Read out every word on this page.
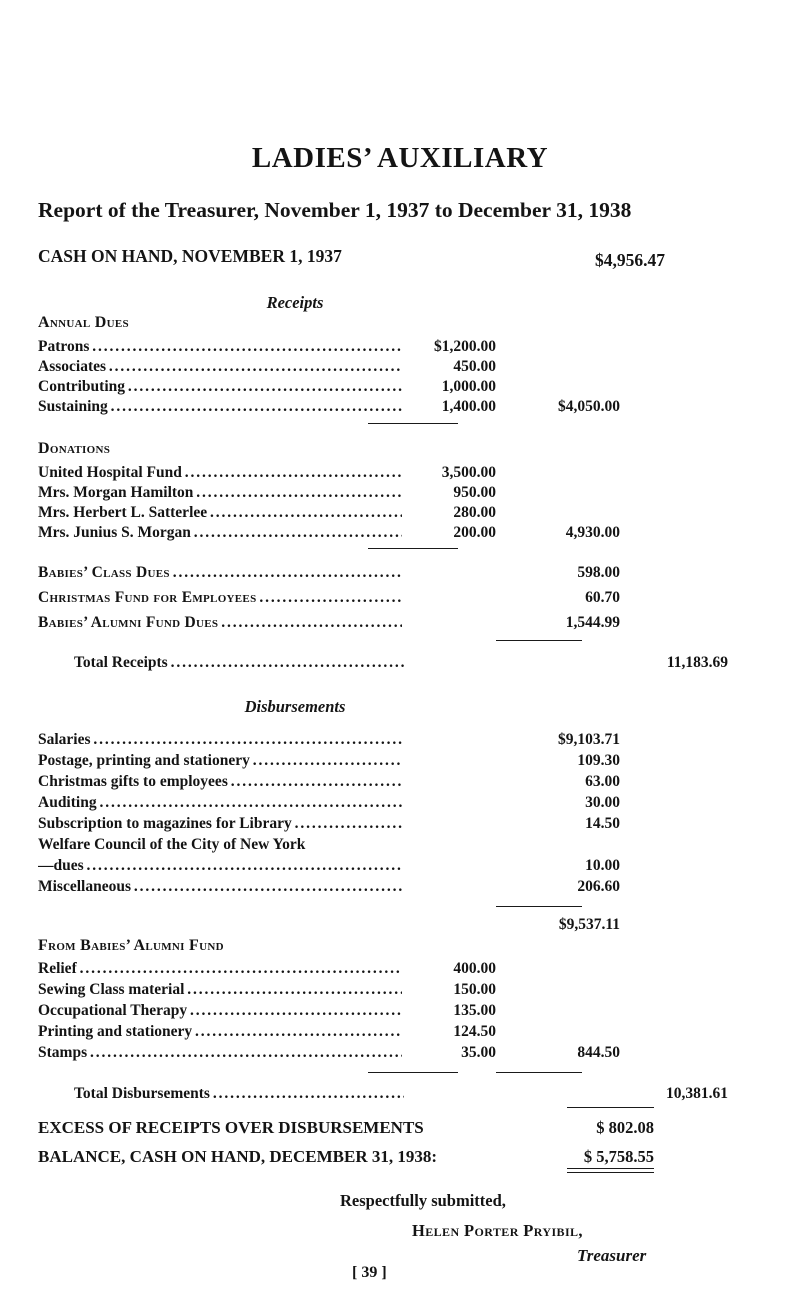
LADIES’ AUXILIARY
Report of the Treasurer, November 1, 1937 to December 31, 1938
CASH ON HAND, NOVEMBER 1, 1937	$4,956.47
Receipts
Annual Dues
Patrons . . .	$1,200.00
Associates . . .	450.00
Contributing . . .	1,000.00
Sustaining . . .	1,400.00	$4,050.00
Donations
United Hospital Fund . . .	3,500.00
Mrs. Morgan Hamilton . . .	950.00
Mrs. Herbert L. Satterlee . . .	280.00
Mrs. Junius S. Morgan . . .	200.00	4,930.00
Babies’ Class Dues . . .	598.00
Christmas Fund for Employees . . .	60.70
Babies’ Alumni Fund Dues . . .	1,544.99
Total Receipts . . .	11,183.69
Disbursements
Salaries . . .	$9,103.71
Postage, printing and stationery . . .	109.30
Christmas gifts to employees . . .	63.00
Auditing . . .	30.00
Subscription to magazines for Library . . .	14.50
Welfare Council of the City of New York
—dues . . .	10.00
Miscellaneous . . .	206.60
$9,537.11
From Babies’ Alumni Fund
Relief . . .	400.00
Sewing Class material . . .	150.00
Occupational Therapy . . .	135.00
Printing and stationery . . .	124.50
Stamps . . .	35.00	844.50
Total Disbursements . . .	10,381.61
EXCESS OF RECEIPTS OVER DISBURSEMENTS	$ 802.08
BALANCE, CASH ON HAND, DECEMBER 31, 1938:	$ 5,758.55
Respectfully submitted,
Helen Porter Pryibil,
Treasurer
[ 39 ]
